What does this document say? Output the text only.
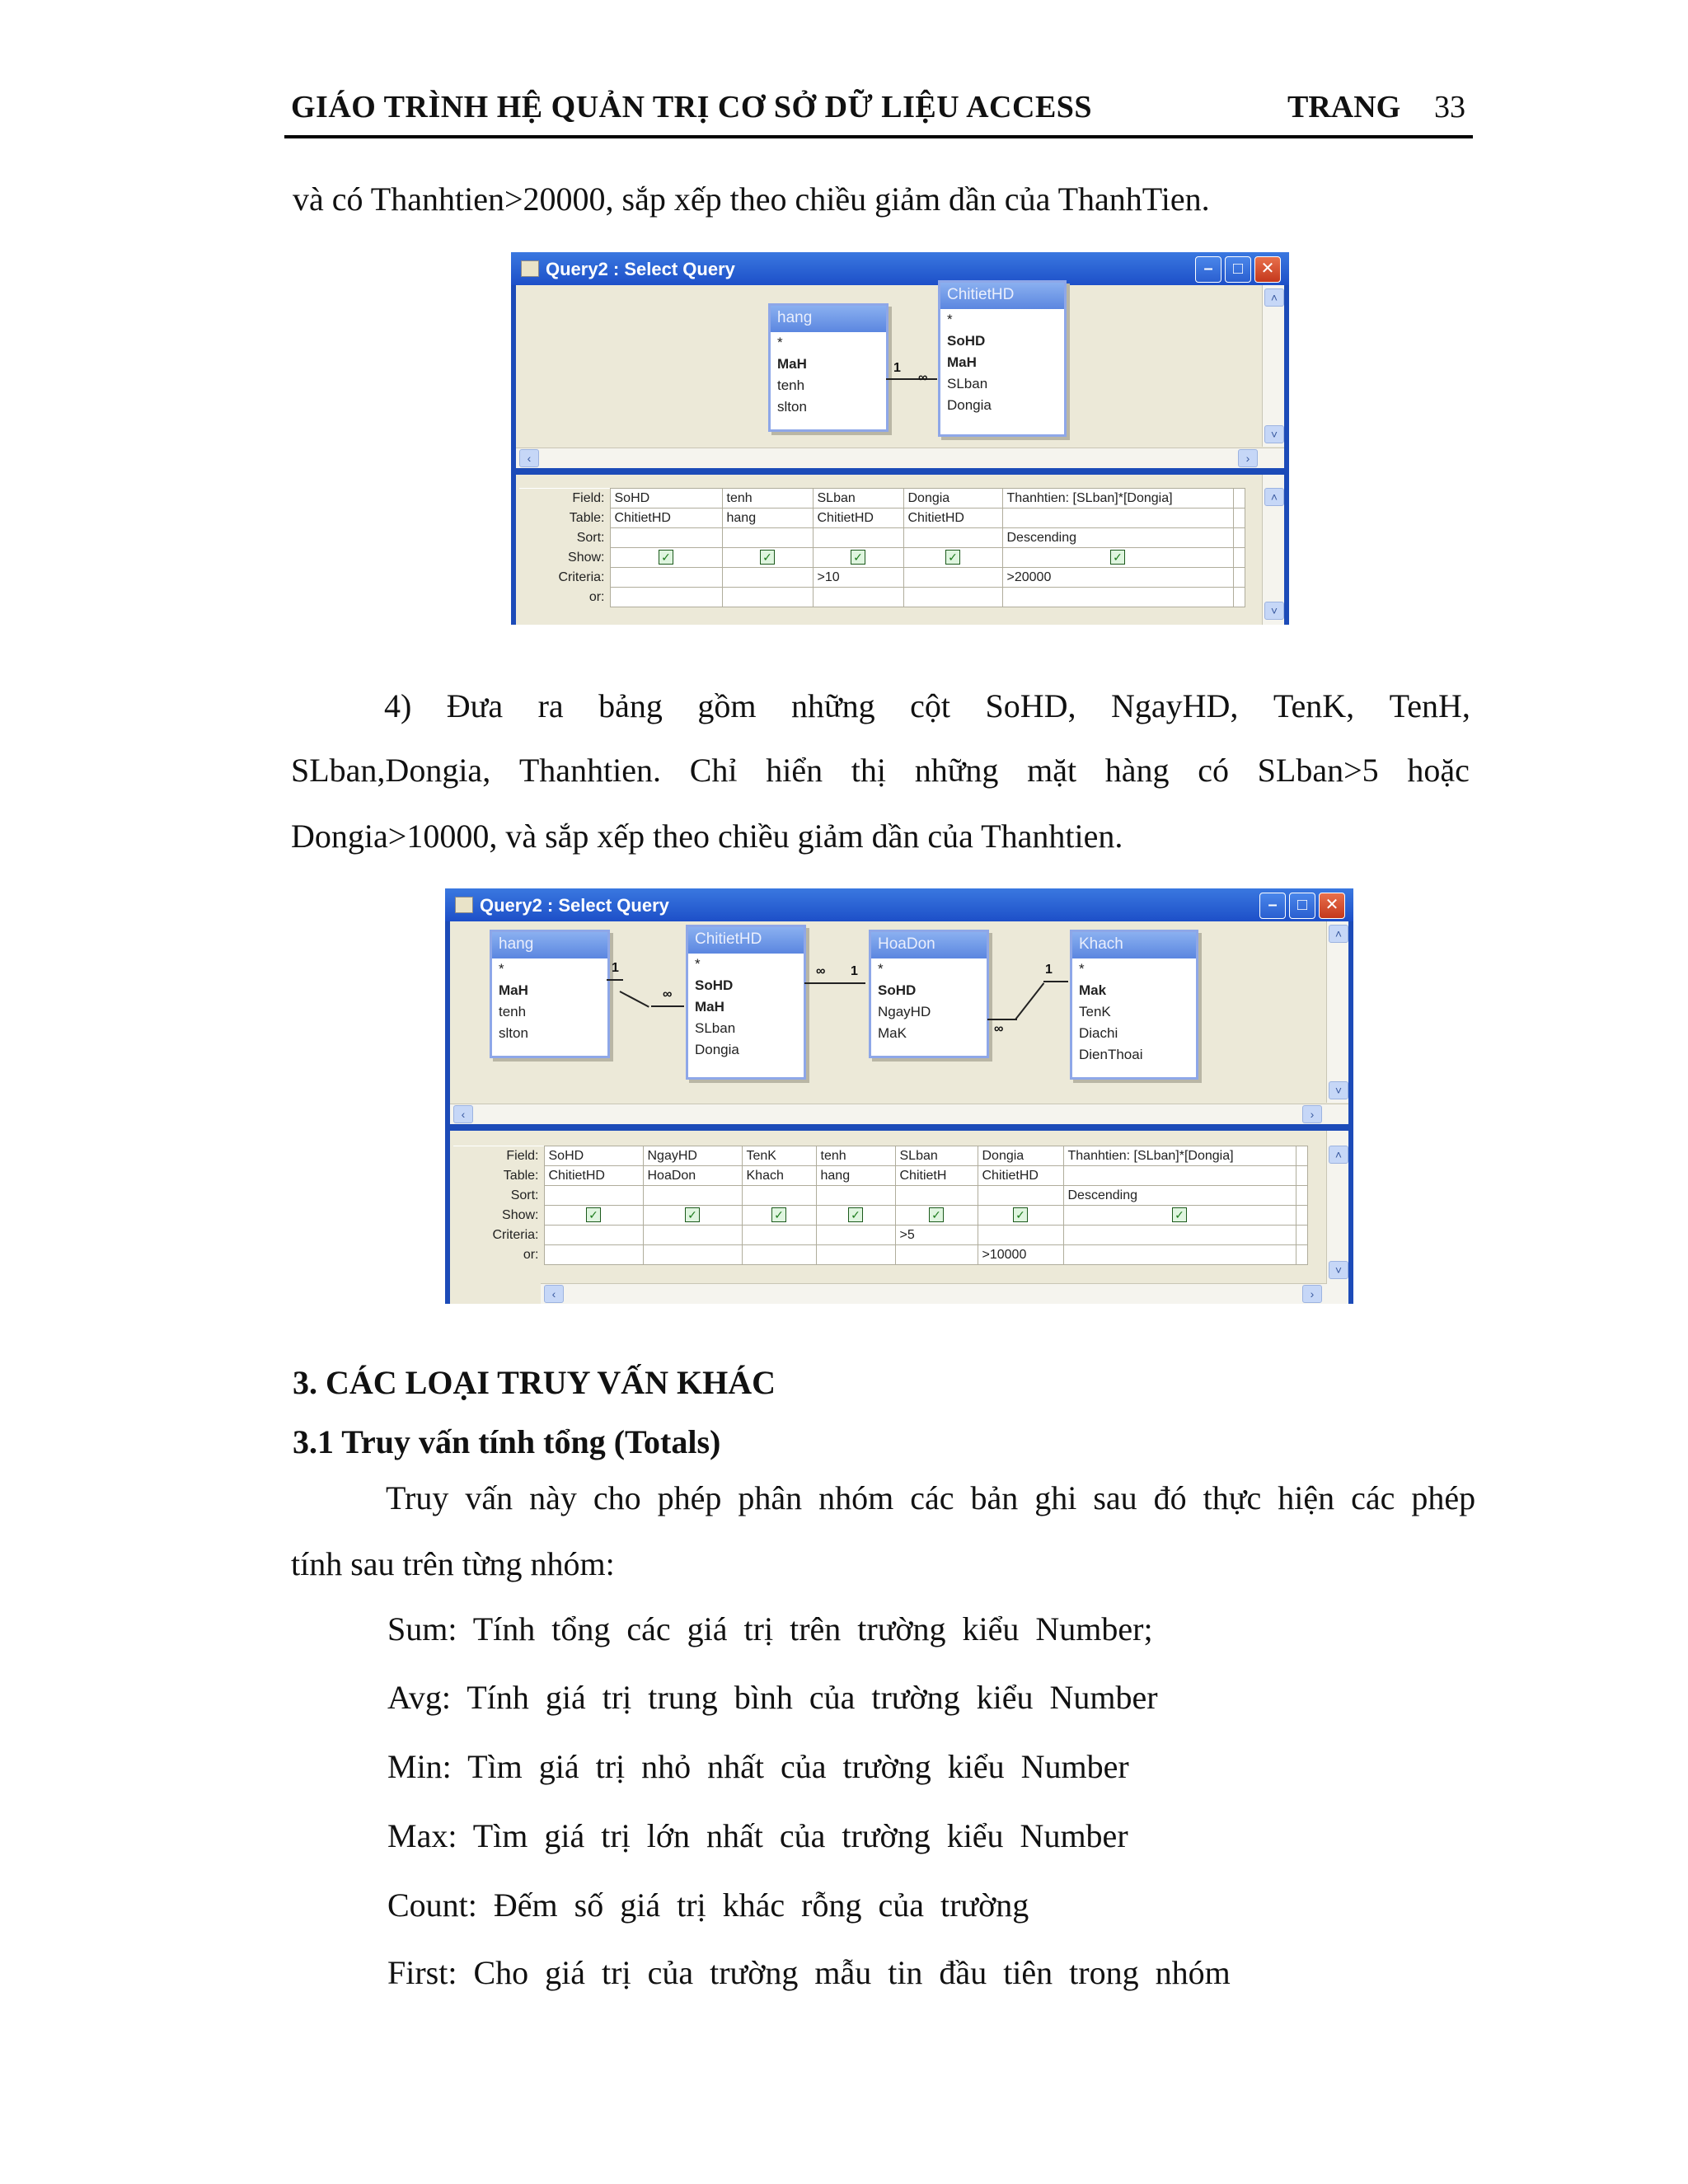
GIÁO TRÌNH HỆ QUẢN TRỊ CƠ SỞ DỮ LIỆU ACCESS	TRANG 33
và có Thanhtien>20000, sắp xếp theo chiều giảm dần của ThanhTien.
Query2 : Select Query	–	□	✕
hang
*
MaH
tenh
slton
ChitietHD
*
SoHD
MaH
SLban
Dongia
1
∞
‹	›
˄
˅
Field:	SoHD	tenh	SLban	Dongia	Thanhtien: [SLban]*[Dongia]	
Table:	ChitietHD	hang	ChitietHD	ChitietHD		
Sort:					Descending	
Show:	✓	✓	✓	✓	✓	
Criteria:			>10		>20000	
or:						
˄
˅
4) Đưa ra bảng gồm những cột SoHD, NgayHD, TenK, TenH,
SLban,Dongia, Thanhtien. Chỉ hiển thị những mặt hàng có SLban>5 hoặc
Dongia>10000, và sắp xếp theo chiều giảm dần của Thanhtien.
Query2 : Select Query	–	□	✕
hang
*
MaH
tenh
slton
ChitietHD
*
SoHD
MaH
SLban
Dongia
HoaDon
*
SoHD
NgayHD
MaK
Khach
*
Mak
TenK
Diachi
DienThoai
1
∞
∞ 1
∞
1
‹	›
˄
˅
Field:	SoHD	NgayHD	TenK	tenh	SLban	Dongia	Thanhtien: [SLban]*[Dongia]	
Table:	ChitietHD	HoaDon	Khach	hang	ChitietH	ChitietHD		
Sort:							Descending	
Show:	✓	✓	✓	✓	✓	✓	✓	
Criteria:					>5			
or:						>10000		
‹	›
˄
˅
3. CÁC LOẠI TRUY VẤN KHÁC
3.1 Truy vấn tính tổng (Totals)
Truy  vấn  này  cho  phép  phân  nhóm  các  bản  ghi  sau  đó  thực  hiện  các  phép
tính sau trên từng nhóm:
Sum:  Tính  tổng  các  giá  trị  trên  trường  kiểu  Number;
Avg:  Tính  giá  trị  trung  bình  của  trường  kiểu  Number
Min:  Tìm  giá  trị  nhỏ  nhất  của  trường  kiểu  Number
Max:  Tìm  giá  trị  lớn  nhất  của  trường  kiểu  Number
Count:  Đếm  số  giá  trị  khác  rỗng  của  trường
First:  Cho  giá  trị  của  trường  mẫu  tin  đầu  tiên  trong  nhóm
